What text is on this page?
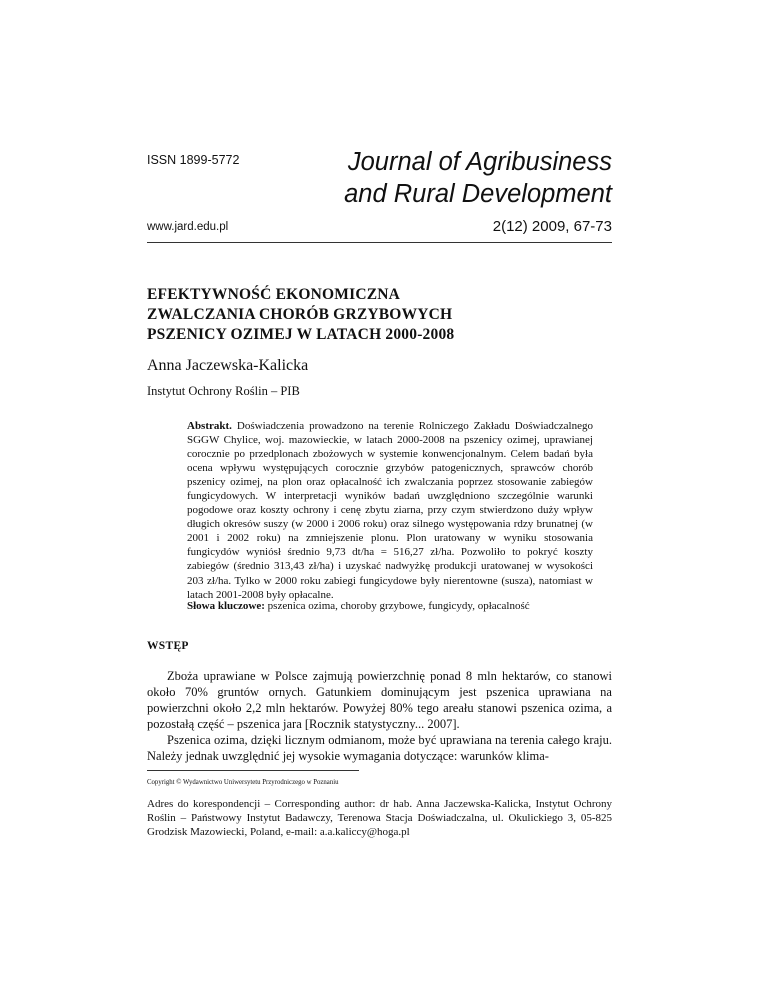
ISSN 1899-5772	Journal of Agribusiness
and Rural Development
www.jard.edu.pl	2(12) 2009, 67-73
EFEKTYWNOŚĆ EKONOMICZNA
ZWALCZANIA CHORÓB GRZYBOWYCH
PSZENICY OZIMEJ W LATACH 2000-2008
Anna Jaczewska-Kalicka
Instytut Ochrony Roślin – PIB
Abstrakt. Doświadczenia prowadzono na terenie Rolniczego Zakładu Doświadczalnego SGGW Chylice, woj. mazowieckie, w latach 2000-2008 na pszenicy ozimej, uprawianej corocznie po przedplonach zbożowych w systemie konwencjonalnym. Celem badań była ocena wpływu występujących corocznie grzybów patogenicznych, sprawców chorób pszenicy ozimej, na plon oraz opłacalność ich zwalczania poprzez stosowanie zabiegów fungicydowych. W interpretacji wyników badań uwzględniono szczególnie warunki pogodowe oraz koszty ochrony i cenę zbytu ziarna, przy czym stwierdzono duży wpływ długich okresów suszy (w 2000 i 2006 roku) oraz silnego występowania rdzy brunatnej (w 2001 i 2002 roku) na zmniejszenie plonu. Plon uratowany w wyniku stosowania fungicydów wyniósł średnio 9,73 dt/ha = 516,27 zł/ha. Pozwoliło to pokryć koszty zabiegów (średnio 313,43 zł/ha) i uzyskać nadwyżkę produkcji uratowanej w wysokości 203 zł/ha. Tylko w 2000 roku zabiegi fungicydowe były nierentowne (susza), natomiast w latach 2001-2008 były opłacalne.
Słowa kluczowe: pszenica ozima, choroby grzybowe, fungicydy, opłacalność
WSTĘP

Zboża uprawiane w Polsce zajmują powierzchnię ponad 8 mln hektarów, co stanowi około 70% gruntów ornych. Gatunkiem dominującym jest pszenica uprawiana na powierzchni około 2,2 mln hektarów. Powyżej 80% tego areału stanowi pszenica ozima, a pozostałą część – pszenica jara [Rocznik statystyczny... 2007].

Pszenica ozima, dzięki licznym odmianom, może być uprawiana na terenia całego kraju. Należy jednak uwzględnić jej wysokie wymagania dotyczące: warunków klima-

Copyright © Wydawnictwo Uniwersytetu Przyrodniczego w Poznaniu
Adres do korespondencji – Corresponding author: dr hab. Anna Jaczewska-Kalicka, Instytut Ochrony Roślin – Państwowy Instytut Badawczy, Terenowa Stacja Doświadczalna, ul. Okulickiego 3, 05-825 Grodzisk Mazowiecki, Poland, e-mail: a.a.kaliccy@hoga.pl
